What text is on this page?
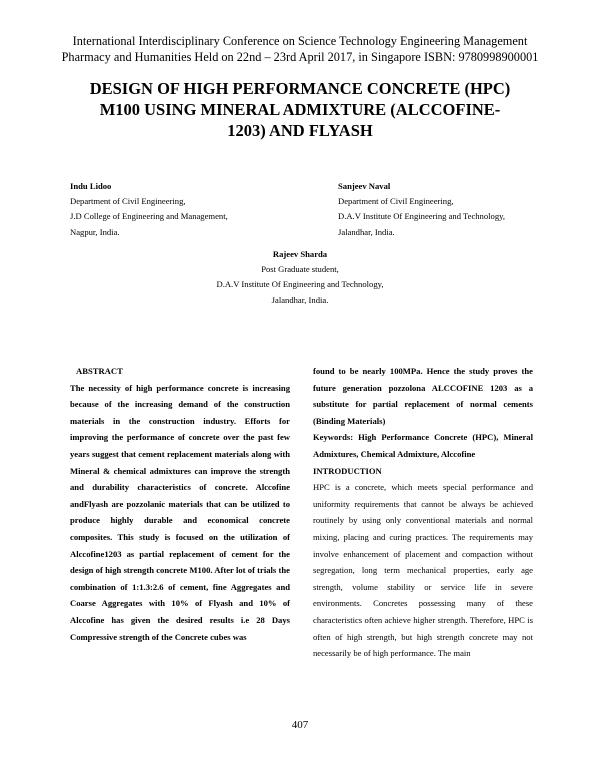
International Interdisciplinary Conference on Science Technology Engineering Management
Pharmacy and Humanities Held on 22nd – 23rd April 2017, in Singapore ISBN: 9780998900001
DESIGN OF HIGH PERFORMANCE CONCRETE (HPC)
M100 USING MINERAL ADMIXTURE (ALCCOFINE-
1203) AND FLYASH
Indu Lidoo
Department of Civil Engineering,
J.D College of Engineering and Management,
Nagpur, India.
Sanjeev Naval
Department of Civil Engineering,
D.A.V Institute Of Engineering and Technology,
Jalandhar, India.
Rajeev Sharda
Post Graduate student,
D.A.V Institute Of Engineering and Technology,
Jalandhar, India.
ABSTRACT

The necessity of high performance concrete is increasing because of the increasing demand of the construction materials in the construction industry. Efforts for improving the performance of concrete over the past few years suggest that cement replacement materials along with Mineral & chemical admixtures can improve the strength and durability characteristics of concrete. Alccofine andFlyash are pozzolanic materials that can be utilized to produce highly durable and economical concrete composites. This study is focused on the utilization of Alccofine1203 as partial replacement of cement for the design of high strength concrete M100. After lot of trials the combination of 1:1.3:2.6 of cement, fine Aggregates and Coarse Aggregates with 10% of Flyash and 10% of Alccofine has given the desired results i.e 28 Days Compressive strength of the Concrete cubes was

found to be nearly 100MPa. Hence the study proves the future generation pozzolona ALCCOFINE 1203 as a substitute for partial replacement of normal cements (Binding Materials)

Keywords: High Performance Concrete (HPC), Mineral Admixtures, Chemical Admixture, Alccofine

INTRODUCTION

HPC is a concrete, which meets special performance and uniformity requirements that cannot be always be achieved routinely by using only conventional materials and normal mixing, placing and curing practices. The requirements may involve enhancement of placement and compaction without segregation, long term mechanical properties, early age strength, volume stability or service life in severe environments. Concretes possessing many of these characteristics often achieve higher strength. Therefore, HPC is often of high strength, but high strength concrete may not necessarily be of high performance. The main

407
